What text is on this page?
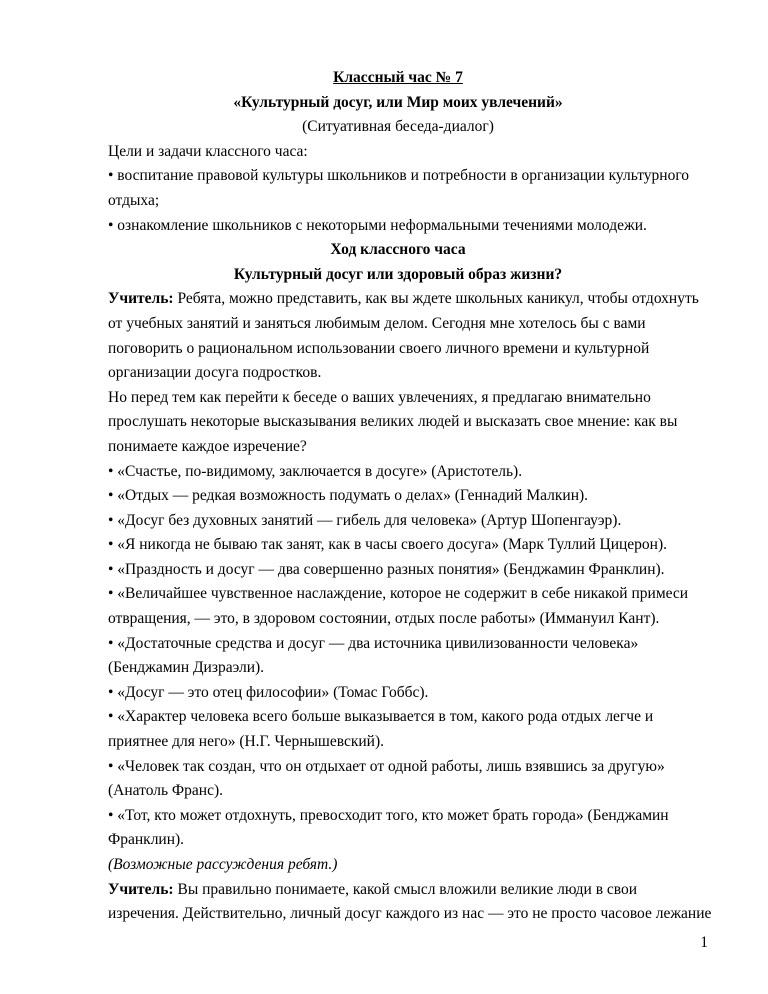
Классный час № 7
«Культурный досуг, или Мир моих увлечений»
(Ситуативная беседа-диалог)
Цели и задачи классного часа:
• воспитание правовой культуры школьников и потребности в организации культурного
отдыха;
• ознакомление школьников с некоторыми неформальными течениями молодежи.
Ход классного часа
Культурный досуг или здоровый образ жизни?
Учитель: Ребята, можно представить, как вы ждете школьных каникул, чтобы отдохнуть
от учебных занятий и заняться любимым делом. Сегодня мне хотелось бы с вами
поговорить о рациональном использовании своего личного времени и культурной
организации досуга подростков.
Но перед тем как перейти к беседе о ваших увлечениях, я предлагаю внимательно
прослушать некоторые высказывания великих людей и высказать свое мнение: как вы
понимаете каждое изречение?
• «Счастье, по-видимому, заключается в досуге» (Аристотель).
• «Отдых — редкая возможность подумать о делах» (Геннадий Малкин).
• «Досуг без духовных занятий — гибель для человека» (Артур Шопенгауэр).
• «Я никогда не бываю так занят, как в часы своего досуга» (Марк Туллий Цицерон).
• «Праздность и досуг — два совершенно разных понятия» (Бенджамин Франклин).
• «Величайшее чувственное наслаждение, которое не содержит в себе никакой примеси
отвращения, — это, в здоровом состоянии, отдых после работы» (Иммануил Кант).
• «Достаточные средства и досуг — два источника цивилизованности человека»
(Бенджамин Дизраэли).
• «Досуг — это отец философии» (Томас Гоббс).
• «Характер человека всего больше выказывается в том, какого рода отдых легче и
приятнее для него» (Н.Г. Чернышевский).
• «Человек так создан, что он отдыхает от одной работы, лишь взявшись за другую»
(Анатоль Франс).
• «Тот, кто может отдохнуть, превосходит того, кто может брать города» (Бенджамин
Франклин).
(Возможные рассуждения ребят.)
Учитель: Вы правильно понимаете, какой смысл вложили великие люди в свои
изречения. Действительно, личный досуг каждого из нас — это не просто часовое лежание
1
